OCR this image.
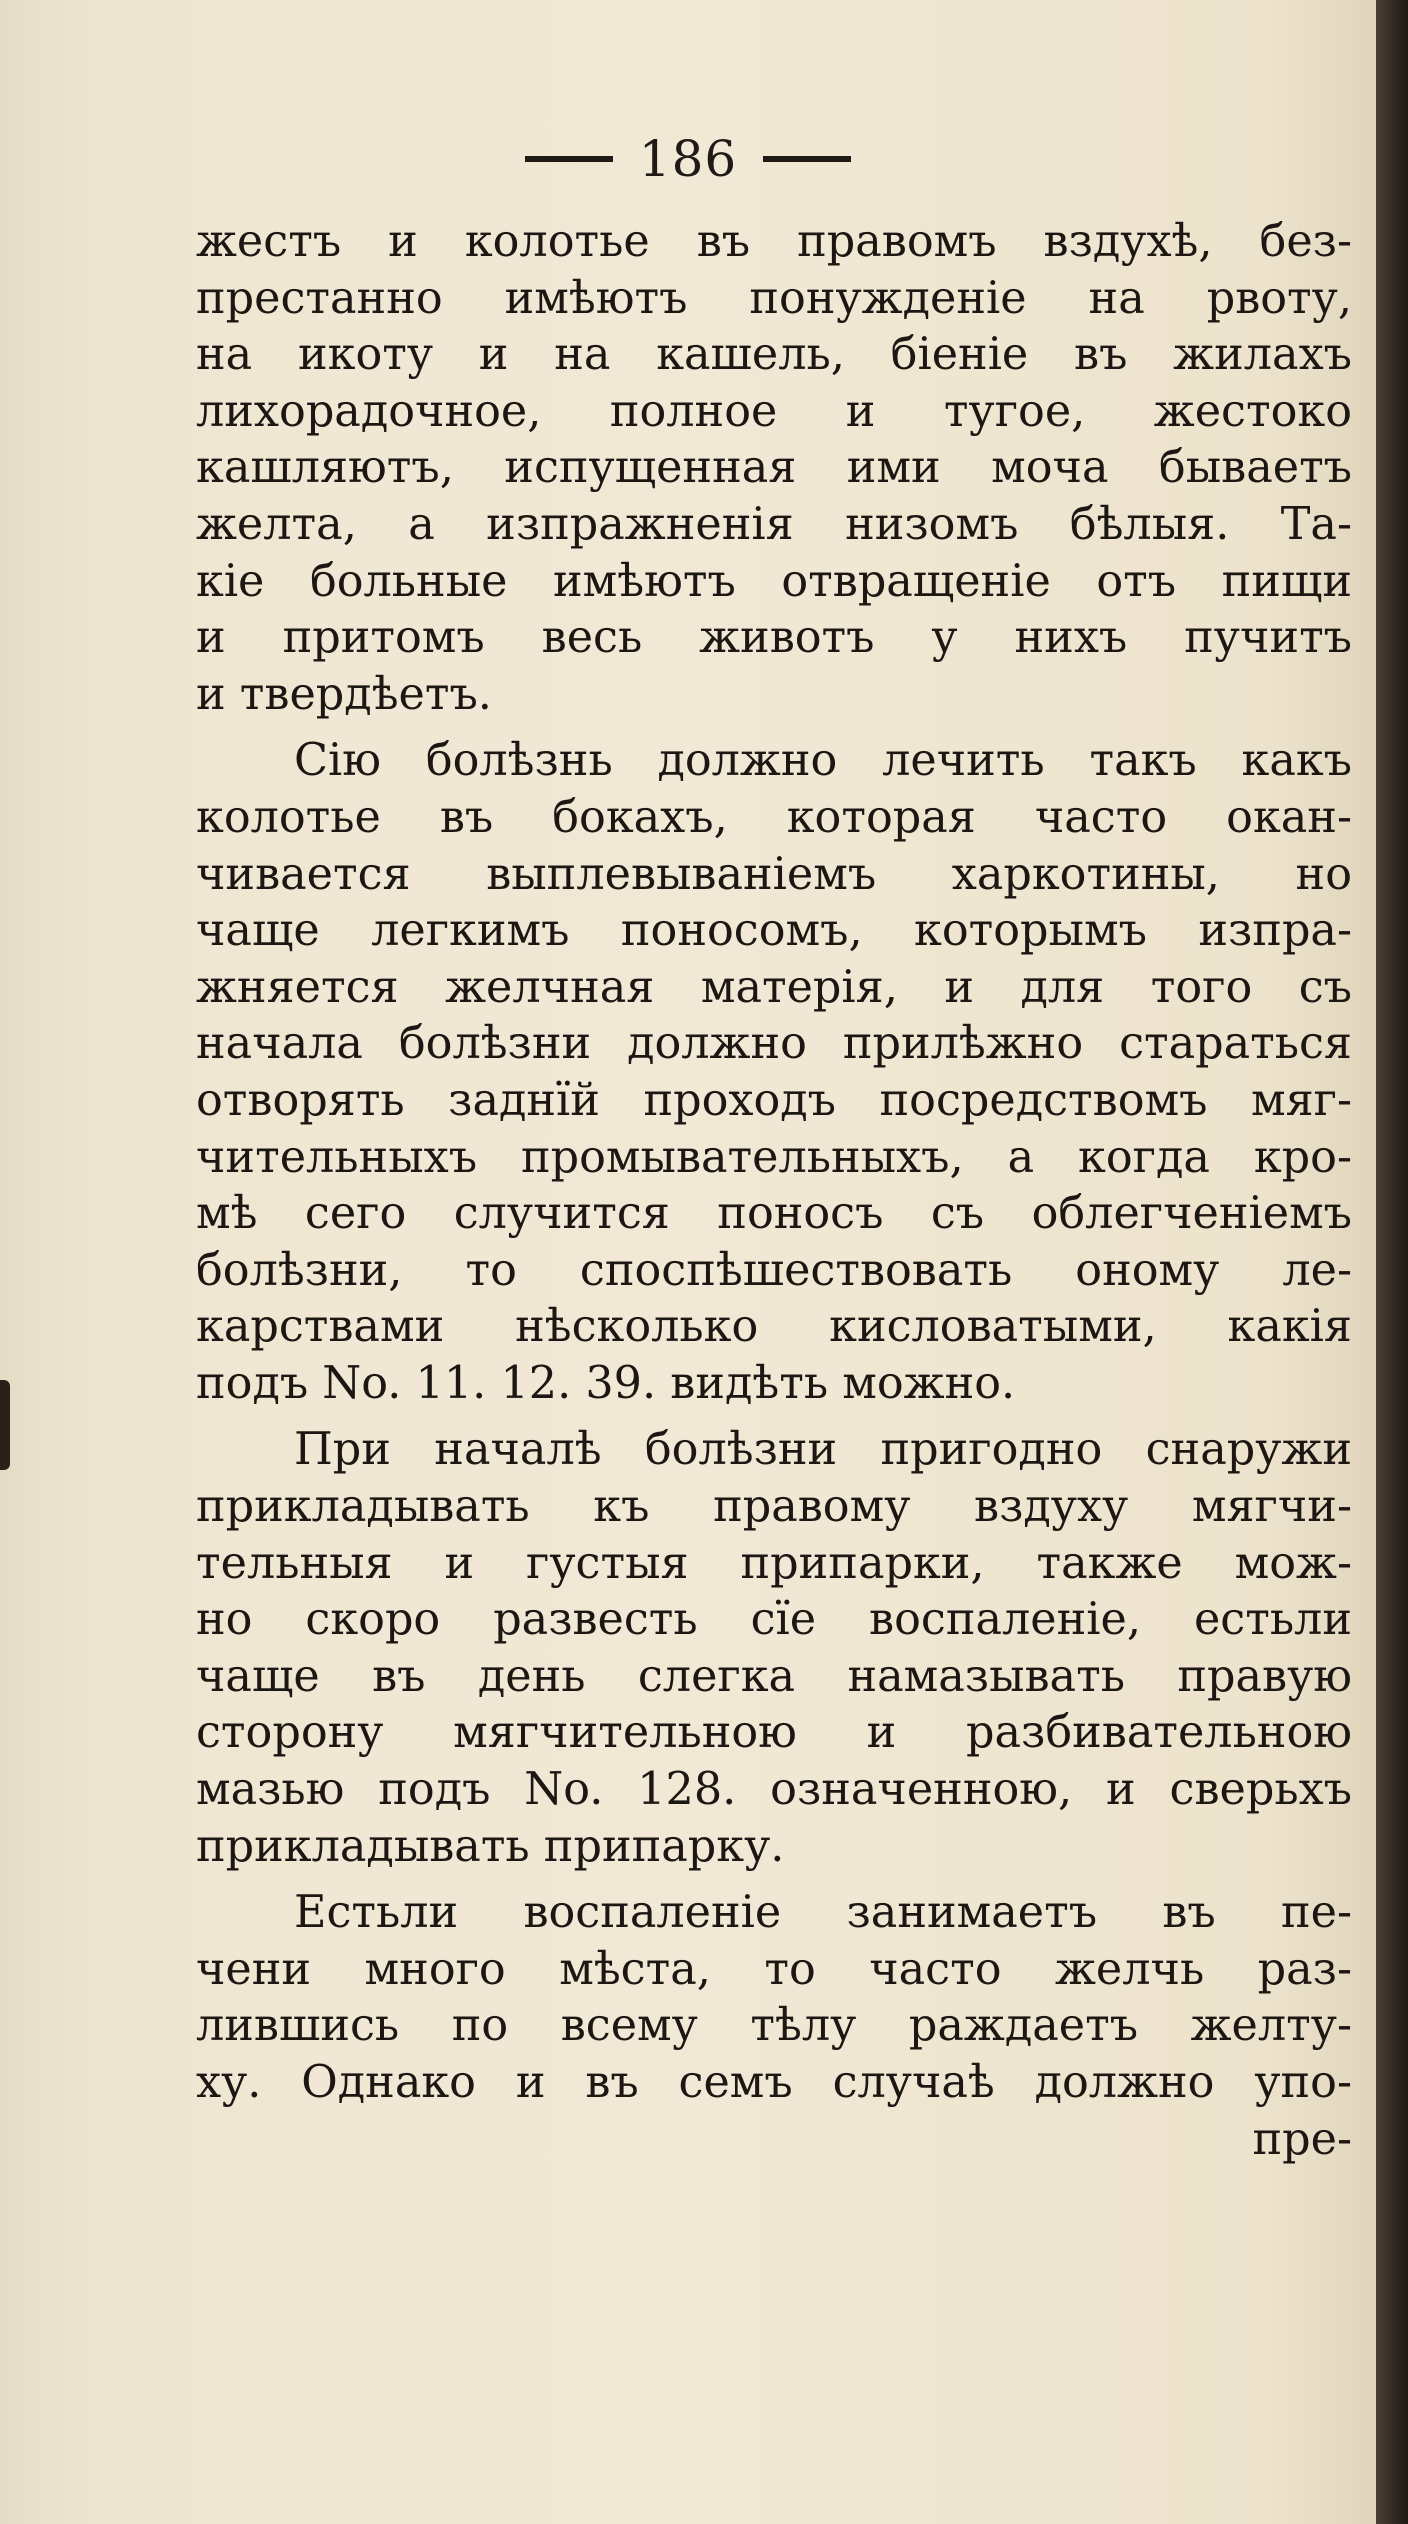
186
жестъ и колотье въ правомъ вздухѣ, без-
престанно имѣютъ понужденіе на рвоту,
на икоту и на кашель, біеніе въ жилахъ
лихорадочное, полное и тугое, жестоко
кашляютъ, испущенная ими моча бываетъ
желта, а изпражненія низомъ бѣлыя. Та-
кіе больные имѣютъ отвращеніе отъ пищи
и притомъ весь животъ у нихъ пучитъ
и твердѣетъ.
Сію болѣзнь должно лечить такъ какъ
колотье въ бокахъ, которая часто окан-
чивается выплевываніемъ харкотины, но
чаще легкимъ поносомъ, которымъ изпра-
жняется желчная матерія, и для того съ
начала болѣзни должно прилѣжно стараться
отворять заднїй проходъ посредствомъ мяг-
чительныхъ промывательныхъ, а когда кро-
мѣ сего случится поносъ съ облегченіемъ
болѣзни, то споспѣшествовать оному ле-
карствами нѣсколько кисловатыми, какія
подъ No. 11. 12. 39. видѣть можно.
При началѣ болѣзни пригодно снаружи
прикладывать къ правому вздуху мягчи-
тельныя и густыя припарки, также мож-
но скоро развесть сїе воспаленіе, естьли
чаще въ день слегка намазывать правую
сторону мягчительною и разбивательною
мазью подъ No. 128. означенною, и сверьхъ
прикладывать припарку.
Естьли воспаленіе занимаетъ въ пе-
чени много мѣста, то часто желчь раз-
лившись по всему тѣлу раждаетъ желту-
ху. Однако и въ семъ случаѣ должно упо-
пре-
